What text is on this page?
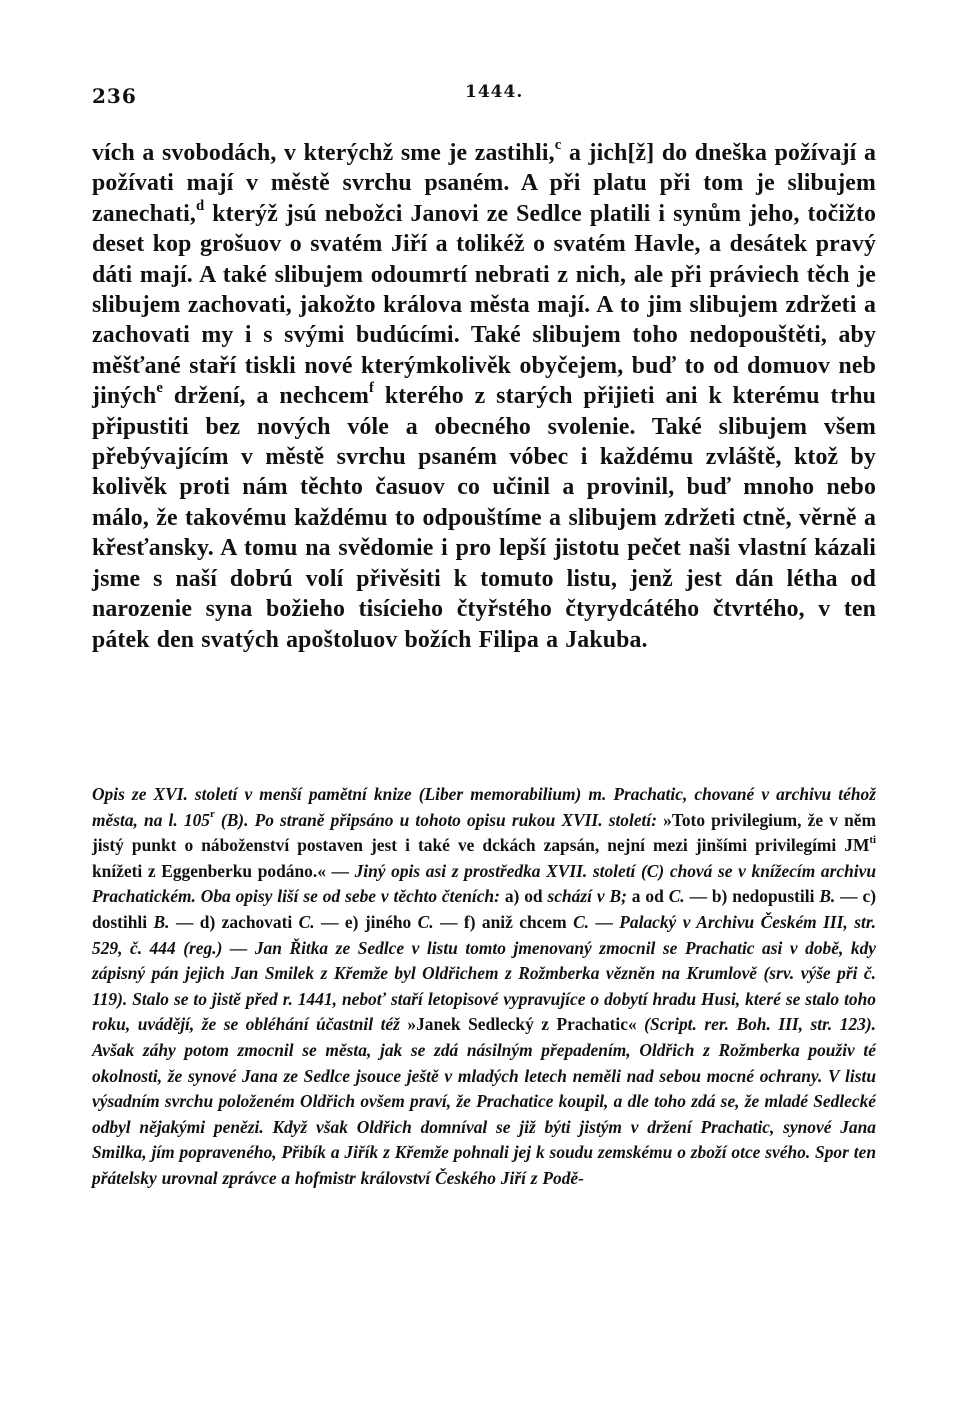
236	1444.
vích a svobodách, v kterýchž sme je zastihli,$^c$ a jich[ž] do dneška požívají a požívati mají v městě svrchu psaném. A při platu při tom je slibujem zanechati,$^d$ kterýž jsú nebožci Janovi ze Sedlce platili i synům jeho, točižto deset kop grošuov o svatém Jiří a tolikéž o svatém Havle, a desátek pravý dáti mají. A také slibujem odoumrtí nebrati z nich, ale při práviech těch je slibujem zachovati, jakožto králova města mají. A to jim slibujem zdržeti a zachovati my i s svými budúcími. Také slibujem toho nedopouštěti, aby měšťané staří tiskli nové kterýmkolivěk obyčejem, buď to od domuov neb jiných$^e$ držení, a nechcem$^f$ kterého z starých přijieti ani k kterému trhu připustiti bez nových vóle a obecného svolenie. Také slibujem všem přebývajícím v městě svrchu psaném vóbec i každému zvláště, ktož by kolivěk proti nám těchto časuov co učinil a provinil, buď mnoho nebo málo, že takovému každému to odpouštíme a slibujem zdržeti ctně, věrně a křesťansky. A tomu na svědomie i pro lepší jistotu pečet naši vlastní kázali jsme s naší dobrú volí přivěsiti k tomuto listu, jenž jest dán létha od narozenie syna božieho tisícieho čtyřstého čtyrydcátého čtvrtého, v ten pátek den svatých apoštoluov božích Filipa a Jakuba.
Opis ze XVI. století v menší pamětní knize (Liber memorabilium) m. Prachatic, chované v archivu téhož města, na l. 105$^r$ (B). Po straně připsáno u tohoto opisu rukou XVII. století: »Toto privilegium, že v něm jistý punkt o náboženství postaven jest i také ve dckách zapsán, nejní mezi jinšími privilegími $JM^{ti}$ knížeti z Eggenberku podáno.« — Jiný opis asi z prostředka XVII. století (C) chová se v knížecím archivu Prachatickém. Oba opisy liší se od sebe v těchto čteních: a) od schází v B; a od C. — b) nedopustili B. — c) dostihli B. — d) zachovati C. — e) jiného C. — f) aniž chcem C. — Palacký v Archivu Českém III, str. 529, č. 444 (reg.) — Jan Řitka ze Sedlce v listu tomto jmenovaný zmocnil se Prachatic asi v době, kdy zápisný pán jejich Jan Smilek z Křemže byl Oldřichem z Rožmberka vězněn na Krumlově (srv. výše při č. 119). Stalo se to jistě před r. 1441, neboť staří letopisové vypravujíce o dobytí hradu Husi, které se stalo toho roku, uvádějí, že se obléhání účastnil též »Janek Sedlecký z Prachatic« (Script. rer. Boh. III, str. 123). Avšak záhy potom zmocnil se města, jak se zdá násilným přepadením, Oldřich z Rožmberka použiv té okolnosti, že synové Jana ze Sedlce jsouce ještě v mladých letech neměli nad sebou mocné ochrany. V listu výsadním svrchu položeném Oldřich ovšem praví, že Prachatice koupil, a dle toho zdá se, že mladé Sedlecké odbyl nějakými penězi. Když však Oldřich domníval se již býti jistým v držení Prachatic, synové Jana Smilka, jím popraveného, Přibík a Jiřík z Křemže pohnali jej k soudu zemskému o zboží otce svého. Spor ten přátelsky urovnal zprávce a hofmistr království Českého Jiří z Podě-
